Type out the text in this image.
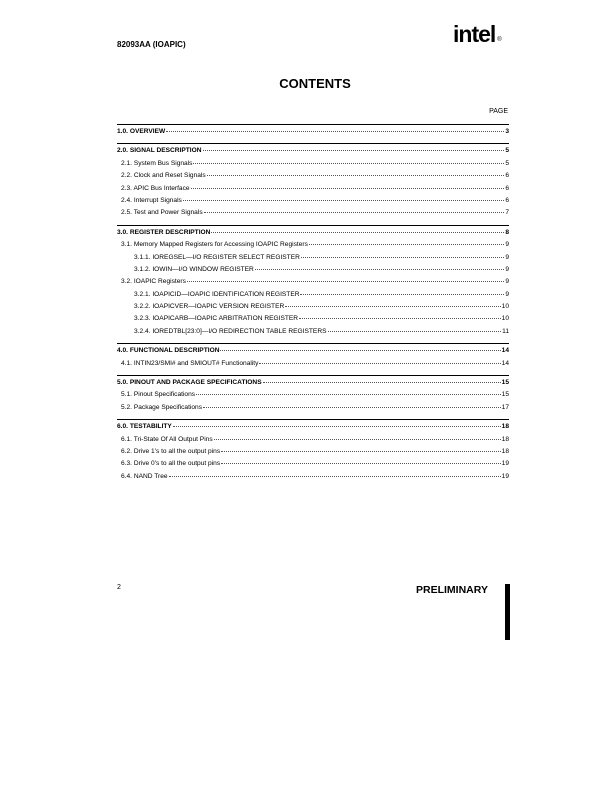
82093AA (IOAPIC)	intel ®
CONTENTS
PAGE
1.0. OVERVIEW	3
2.0. SIGNAL DESCRIPTION	5
2.1. System Bus Signals	5
2.2. Clock and Reset Signals	6
2.3. APIC Bus Interface	6
2.4. Interrupt Signals	6
2.5. Test and Power Signals	7
3.0. REGISTER DESCRIPTION	8
3.1. Memory Mapped Registers for Accessing IOAPIC Registers	9
3.1.1. IOREGSEL—I/O REGISTER SELECT REGISTER	9
3.1.2. IOWIN—I/O WINDOW REGISTER	9
3.2. IOAPIC Registers	9
3.2.1. IOAPICID—IOAPIC IDENTIFICATION REGISTER	9
3.2.2. IOAPICVER—IOAPIC VERSION REGISTER	10
3.2.3. IOAPICARB—IOAPIC ARBITRATION REGISTER	10
3.2.4. IOREDTBL[23:0]—I/O REDIRECTION TABLE REGISTERS	11
4.0. FUNCTIONAL DESCRIPTION	14
4.1. INTIN23/SMI# and SMIOUT# Functionality	14
5.0. PINOUT AND PACKAGE SPECIFICATIONS	15
5.1. Pinout Specifications	15
5.2. Package Specifications	17
6.0. TESTABILITY	18
6.1. Tri-State Of All Output Pins	18
6.2. Drive 1's to all the output pins	18
6.3. Drive 0's to all the output pins	19
6.4. NAND Tree	19
2	PRELIMINARY
